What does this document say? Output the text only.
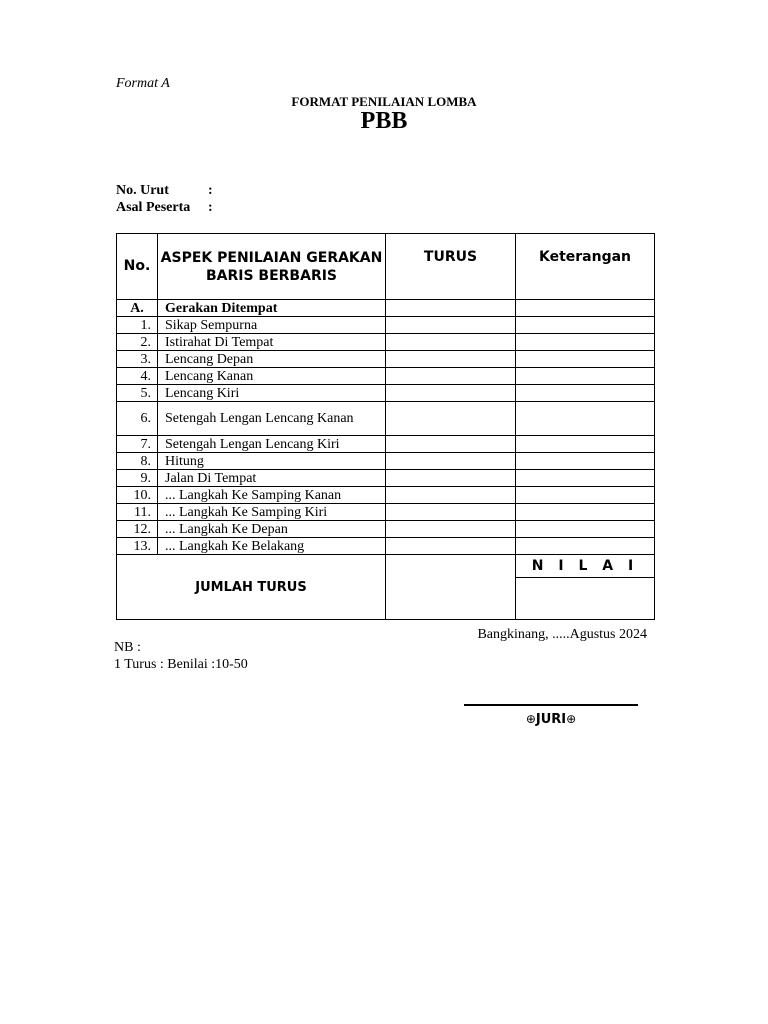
Format A
FORMAT PENILAIAN LOMBA
PBB
No. Urut	:
Asal Peserta :
No.	ASPEK PENILAIAN GERAKAN BARIS BERBARIS	TURUS	Keterangan
A.	Gerakan Ditempat		
1.	Sikap Sempurna		
2.	Istirahat Di Tempat		
3.	Lencang Depan		
4.	Lencang Kanan		
5.	Lencang Kiri		
6.	Setengah Lengan Lencang Kanan		
7.	Setengah Lengan Lencang Kiri		
8.	Hitung		
9.	Jalan Di Tempat		
10.	... Langkah Ke Samping Kanan		
11.	... Langkah Ke Samping Kiri		
12.	... Langkah Ke Depan		
13.	... Langkah Ke Belakang		
JUMLAH TURUS			N I L A I

Bangkinang, .....Agustus 2024
NB :
1 Turus : Benilai :10-50
⊕JURI⊕
